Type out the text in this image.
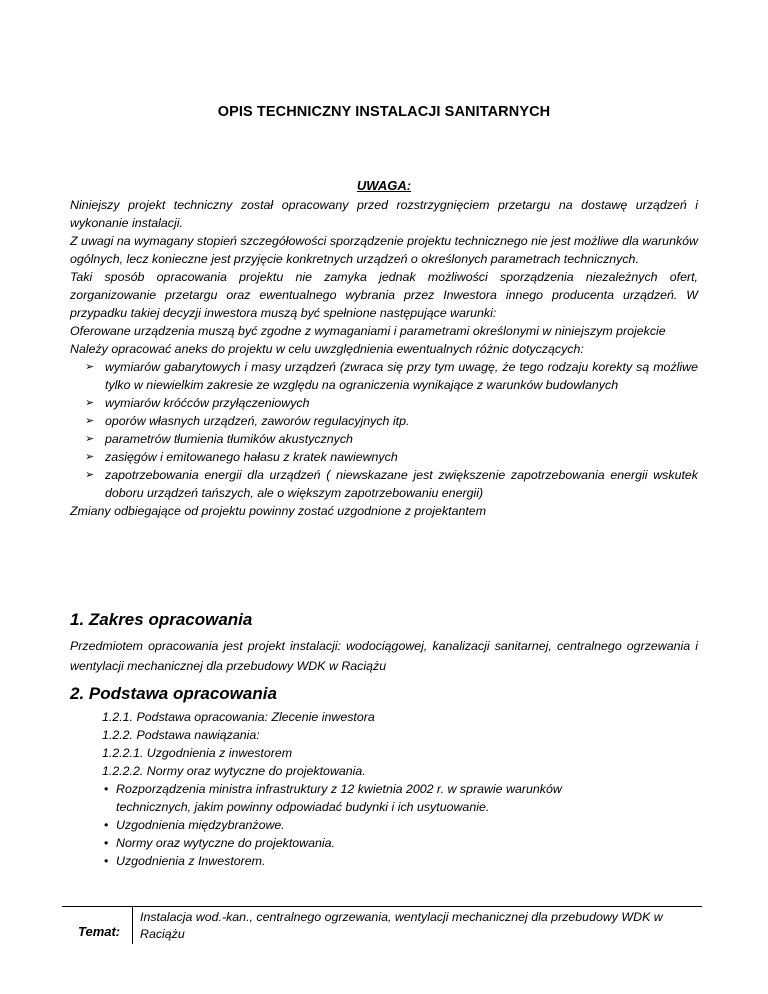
OPIS TECHNICZNY INSTALACJI SANITARNYCH
UWAGA:

Niniejszy projekt techniczny został opracowany przed rozstrzygnięciem przetargu na dostawę urządzeń i wykonanie instalacji.

Z uwagi na wymagany stopień szczegółowości sporządzenie projektu technicznego nie jest możliwe dla warunków ogólnych, lecz konieczne jest przyjęcie konkretnych urządzeń o określonych parametrach technicznych.

Taki sposób opracowania projektu nie zamyka jednak możliwości sporządzenia niezależnych ofert, zorganizowanie przetargu oraz ewentualnego wybrania przez Inwestora innego producenta urządzeń. W przypadku takiej decyzji inwestora muszą być spełnione następujące warunki:

Oferowane urządzenia muszą być zgodne z wymaganiami i parametrami określonymi w niniejszym projekcie

Należy opracować aneks do projektu w celu uwzględnienia ewentualnych różnic dotyczących:

➢ wymiarów gabarytowych i masy urządzeń (zwraca się przy tym uwagę, że tego rodzaju korekty są możliwe tylko w niewielkim zakresie ze względu na ograniczenia wynikające z warunków budowlanych
➢ wymiarów króćców przyłączeniowych
➢ oporów własnych urządzeń, zaworów regulacyjnych itp.
➢ parametrów tłumienia tłumików akustycznych
➢ zasięgów i emitowanego hałasu z kratek nawiewnych
➢ zapotrzebowania energii dla urządzeń ( niewskazane jest zwiększenie zapotrzebowania energii wskutek doboru urządzeń tańszych, ale o większym zapotrzebowaniu energii)

Zmiany odbiegające od projektu powinny zostać uzgodnione z projektantem

1. Zakres opracowania
Przedmiotem opracowania jest projekt instalacji: wodociągowej, kanalizacji sanitarnej, centralnego ogrzewania i wentylacji mechanicznej dla przebudowy WDK w Raciążu
2. Podstawa opracowania

1.2.1. Podstawa opracowania: Zlecenie inwestora

1.2.2. Podstawa nawiązania:

1.2.2.1. Uzgodnienia z inwestorem

1.2.2.2. Normy oraz wytyczne do projektowania.

• Rozporządzenia ministra infrastruktury z 12 kwietnia 2002 r. w sprawie warunków technicznych, jakim powinny odpowiadać budynki i ich usytuowanie.
• Uzgodnienia międzybranżowe.
• Normy oraz wytyczne do projektowania.
• Uzgodnienia z Inwestorem.
Temat:
Instalacja wod.-kan., centralnego ogrzewania, wentylacji mechanicznej dla przebudowy WDK w Raciążu
